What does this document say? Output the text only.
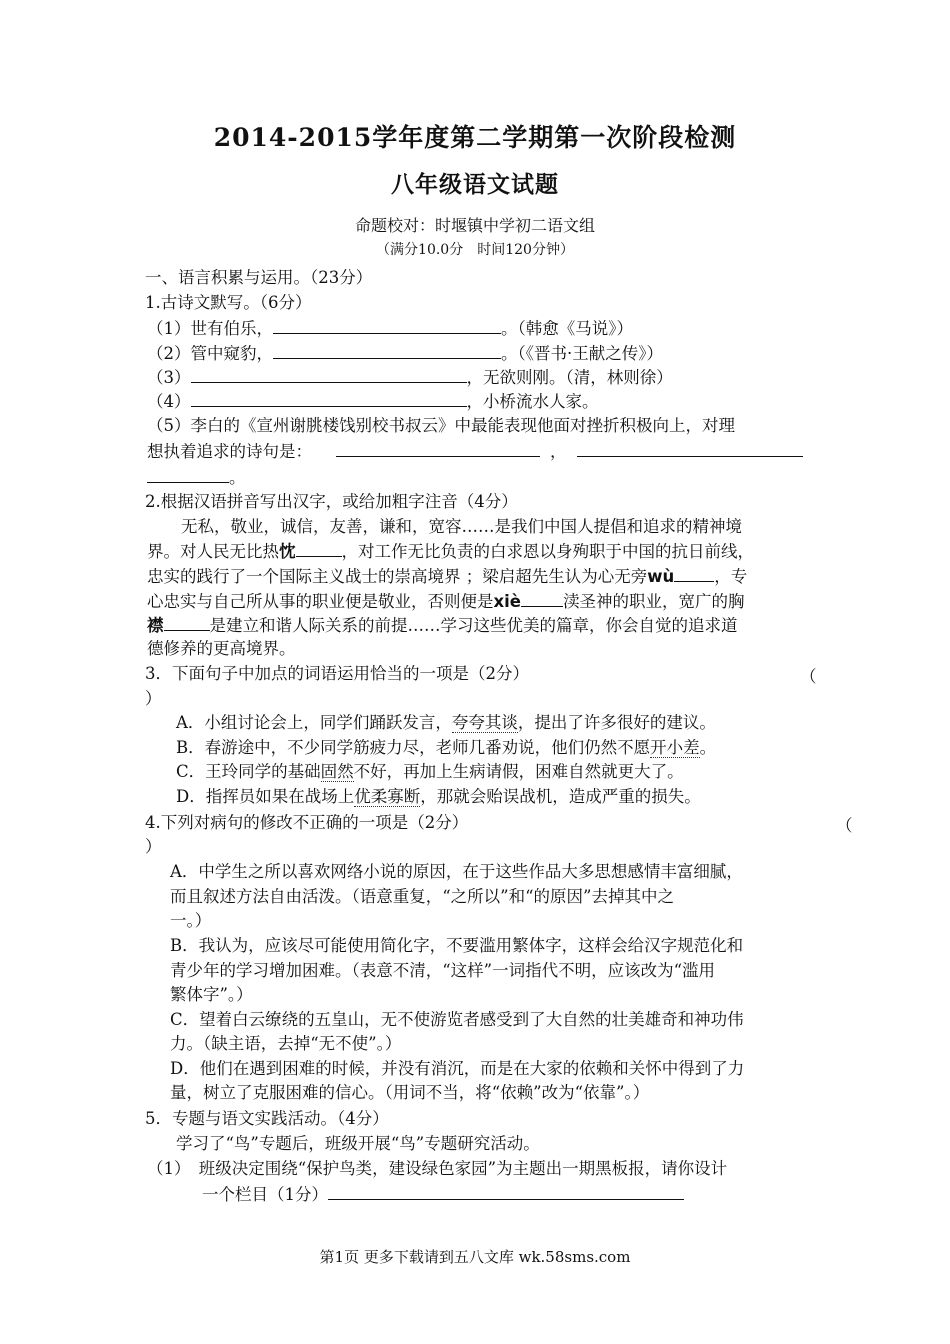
2014-2015学年度第二学期第一次阶段检测
八年级语文试题
命题校对：时堰镇中学初二语文组
（满分10.0分　时间120分钟）
一、语言积累与运用。（23分）
1.古诗文默写。（6分）
（1）世有伯乐，	。（韩愈《马说》）
（2）管中窥豹，	。（《晋书·王献之传》）
（3）	，无欲则刚。（清，林则徐）
（4）	，小桥流水人家。
（5）李白的《宣州谢朓楼饯别校书叔云》中最能表现他面对挫折积极向上，对理
想执着追求的诗句是：	，
。
2.根据汉语拼音写出汉字，或给加粗字注音（4分）
无私，敬业，诚信，友善，谦和，宽容……是我们中国人提倡和追求的精神境
界。对人民无比热忱	，对工作无比负责的白求恩以身殉职于中国的抗日前线，
忠实的践行了一个国际主义战士的崇高境界 ；梁启超先生认为心无旁wù ，专
心忠实与自己所从事的职业便是敬业，否则便是xiè	渎圣神的职业，宽广的胸
襟	是建立和谐人际关系的前提……学习这些优美的篇章，你会自觉的追求道
德修养的更高境界。
3．下面句子中加点的词语运用恰当的一项是（2分）	（
）
A．小组讨论会上，同学们踊跃发言，夸夸其谈，提出了许多很好的建议。
B．春游途中，不少同学筋疲力尽，老师几番劝说，他们仍然不愿开小差。
C．王玲同学的基础固然不好，再加上生病请假，困难自然就更大了。
D．指挥员如果在战场上优柔寡断，那就会贻误战机，造成严重的损失。
4.下列对病句的修改不正确的一项是（2分）	（
）
A．中学生之所以喜欢网络小说的原因，在于这些作品大多思想感情丰富细腻，
而且叙述方法自由活泼。（语意重复，“之所以”和“的原因”去掉其中之
一。）
B．我认为，应该尽可能使用简化字，不要滥用繁体字，这样会给汉字规范化和
青少年的学习增加困难。（表意不清，“这样”一词指代不明，应该改为“滥用
繁体字”。）
C．望着白云缭绕的五皇山，无不使游览者感受到了大自然的壮美雄奇和神功伟
力。（缺主语，去掉“无不使”。）
D．他们在遇到困难的时候，并没有消沉，而是在大家的依赖和关怀中得到了力
量，树立了克服困难的信心。（用词不当，将“依赖”改为“依靠”。）
5．专题与语文实践活动。（4分）
学习了“鸟”专题后，班级开展“鸟”专题研究活动。
（1）　班级决定围绕“保护鸟类，建设绿色家园”为主题出一期黑板报，请你设计
一个栏目（1分）
第1页 更多下载请到五八文库 wk.58sms.com
